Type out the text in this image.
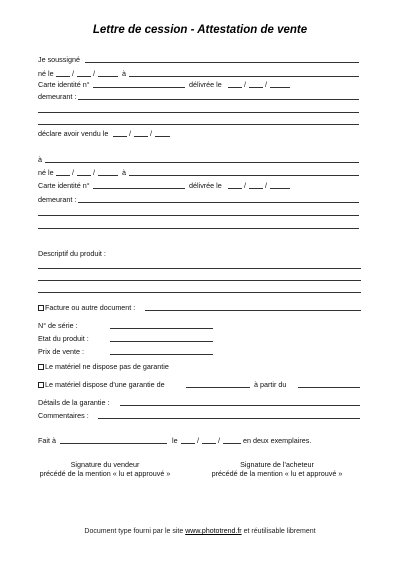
Lettre de cession - Attestation de vente
Je soussigné
né le	/	/	à
Carte identité n°	délivrée le	/	/
demeurant :
déclare avoir vendu le	/	/
à
né le	/	/	à
Carte identité n°	délivrée le	/	/
demeurant :
Descriptif du produit :
Facture ou autre document :
N° de série :
Etat du produit :
Prix de vente :
Le matériel ne dispose pas de garantie
Le matériel dispose d'une garantie de	à partir du
Détails de la garantie :
Commentaires :
Fait à	le	/	/	en deux exemplaires.
Signature du vendeur
précédé de la mention « lu et approuvé »
Signature de l'acheteur
précédé de la mention « lu et approuvé »
Document type fourni par le site www.phototrend.fr et réutilisable librement
